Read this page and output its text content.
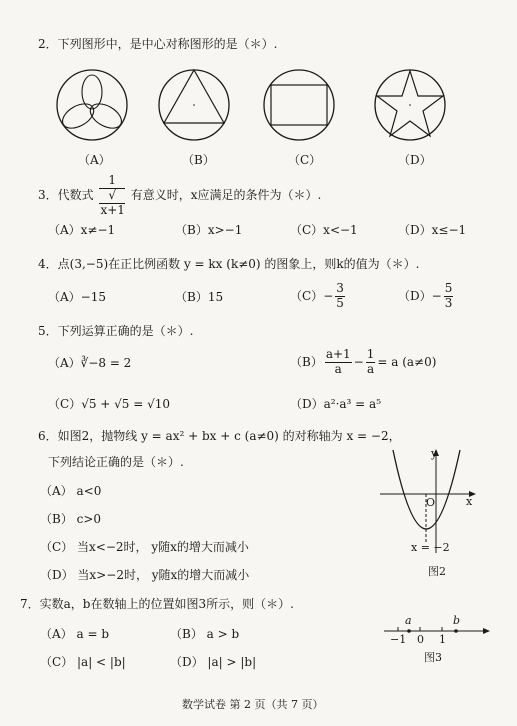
2．下列图形中，是中心对称图形的是（＊）.
（A）	（B）	（C）	（D）
3．代数式 1
√
x+1 有意义时，x应满足的条件为（＊）.
（A）x≠−1	（B）x>−1	（C）x<−1	（D）x≤−1
4．点(3,−5)在正比例函数 y = kx (k≠0) 的图象上，则k的值为（＊）.
（A）−15	（B）15	$(C)- \frac{3}{5}$	$(D)- \frac{5}{3}$
5．下列运算正确的是（＊）.
（A）∛−8 = 2	$(B) \frac{a+1}{a} - \frac{1}{a} = a$ (a≠0)
（C）√5 + √5 = √10	（D）a²·a³ = a⁵
6．如图2，抛物线 y = ax² + bx + c (a≠0) 的对称轴为 x = −2，
下列结论正确的是（＊）.
（A） a<0
（B） c>0
（C） 当x<−2时， y随x的增大而减小
（D） 当x>−2时， y随x的增大而减小
y
x
O
x = −2
图2
7．实数a，b在数轴上的位置如图3所示，则（＊）.
（A） a = b	（B） a > b
（C） |a| < |b|	（D） |a| > |b|
a	b
−1 0 1
图3
数学试卷 第 2 页（共 7 页）
